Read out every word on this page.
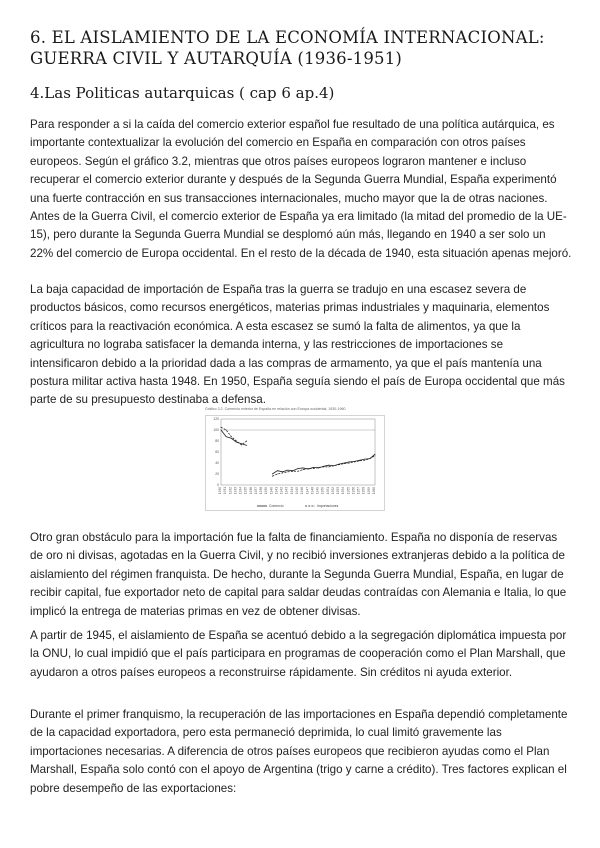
6. EL AISLAMIENTO DE LA ECONOMÍA INTERNACIONAL: GUERRA CIVIL Y AUTARQUÍA (1936-1951)
4.Las Politicas autarquicas ( cap 6 ap.4)

Para responder a si la caída del comercio exterior español fue resultado de una política autárquica, es importante contextualizar la evolución del comercio en España en comparación con otros países europeos. Según el gráfico 3.2, mientras que otros países europeos lograron mantener e incluso recuperar el comercio exterior durante y después de la Segunda Guerra Mundial, España experimentó una fuerte contracción en sus transacciones internacionales, mucho mayor que la de otras naciones. Antes de la Guerra Civil, el comercio exterior de España ya era limitado (la mitad del promedio de la UE-15), pero durante la Segunda Guerra Mundial se desplomó aún más, llegando en 1940 a ser solo un 22% del comercio de Europa occidental. En el resto de la década de 1940, esta situación apenas mejoró.

La baja capacidad de importación de España tras la guerra se tradujo en una escasez severa de productos básicos, como recursos energéticos, materias primas industriales y maquinaria, elementos críticos para la reactivación económica. A esta escasez se sumó la falta de alimentos, ya que la agricultura no lograba satisfacer la demanda interna, y las restricciones de importaciones se intensificaron debido a la prioridad dada a las compras de armamento, ya que el país mantenía una postura militar activa hasta 1948. En 1950, España seguía siendo el país de Europa occidental que más parte de su presupuesto destinaba a defensa.

Gráfico 3.2. Comercio exterior de España en relación con Europa occidental, 1930-1960
0
20
40
60
80
100
120
1930 1931 1932 1933 1934 1935 1936 1937 1938 1939 1940 1941 1942 1943 1944 1945 1946 1947 1948 1949 1950 1951 1952 1953 1954 1955 1956 1957 1958 1959 1960
Comercio	Importaciones

Otro gran obstáculo para la importación fue la falta de financiamiento. España no disponía de reservas de oro ni divisas, agotadas en la Guerra Civil, y no recibió inversiones extranjeras debido a la política de aislamiento del régimen franquista. De hecho, durante la Segunda Guerra Mundial, España, en lugar de recibir capital, fue exportador neto de capital para saldar deudas contraídas con Alemania e Italia, lo que implicó la entrega de materias primas en vez de obtener divisas.

A partir de 1945, el aislamiento de España se acentuó debido a la segregación diplomática impuesta por la ONU, lo cual impidió que el país participara en programas de cooperación como el Plan Marshall, que ayudaron a otros países europeos a reconstruirse rápidamente. Sin créditos ni ayuda exterior.

Durante el primer franquismo, la recuperación de las importaciones en España dependió completamente de la capacidad exportadora, pero esta permaneció deprimida, lo cual limitó gravemente las importaciones necesarias. A diferencia de otros países europeos que recibieron ayudas como el Plan Marshall, España solo contó con el apoyo de Argentina (trigo y carne a crédito). Tres factores explican el pobre desempeño de las exportaciones:
